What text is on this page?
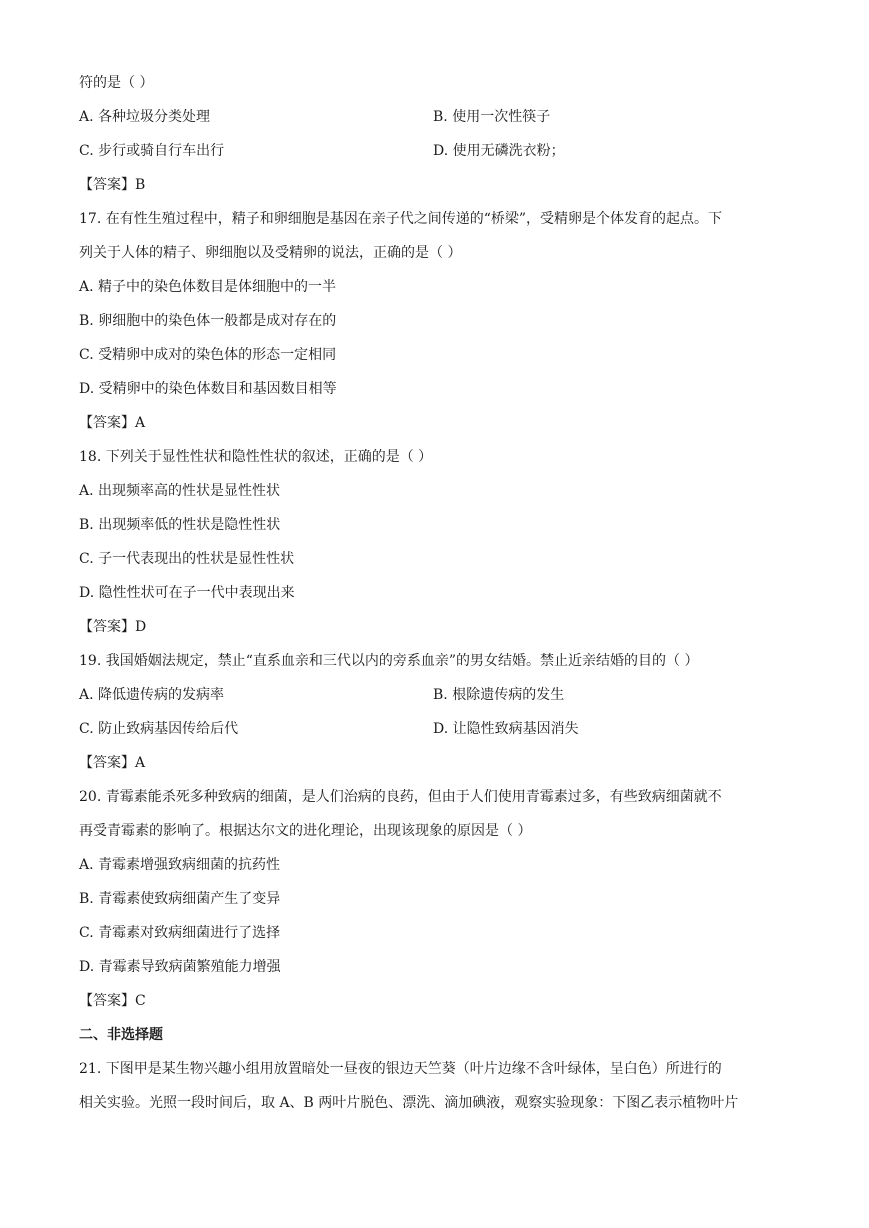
符的是（ ）
A. 各种垃圾分类处理	B. 使用一次性筷子
C. 步行或骑自行车出行	D. 使用无磷洗衣粉；
【答案】B
17. 在有性生殖过程中，精子和卵细胞是基因在亲子代之间传递的“桥梁”，受精卵是个体发育的起点。下
列关于人体的精子、卵细胞以及受精卵的说法，正确的是（ ）
A. 精子中的染色体数目是体细胞中的一半
B. 卵细胞中的染色体一般都是成对存在的
C. 受精卵中成对的染色体的形态一定相同
D. 受精卵中的染色体数目和基因数目相等
【答案】A
18. 下列关于显性性状和隐性性状的叙述，正确的是（ ）
A. 出现频率高的性状是显性性状
B. 出现频率低的性状是隐性性状
C. 子一代表现出的性状是显性性状
D. 隐性性状可在子一代中表现出来
【答案】D
19. 我国婚姻法规定，禁止“直系血亲和三代以内的旁系血亲”的男女结婚。禁止近亲结婚的目的（ ）
A. 降低遗传病的发病率	B. 根除遗传病的发生
C. 防止致病基因传给后代	D. 让隐性致病基因消失
【答案】A
20. 青霉素能杀死多种致病的细菌，是人们治病的良药，但由于人们使用青霉素过多，有些致病细菌就不
再受青霉素的影响了。根据达尔文的进化理论，出现该现象的原因是（ ）
A. 青霉素增强致病细菌的抗药性
B. 青霉素使致病细菌产生了变异
C. 青霉素对致病细菌进行了选择
D. 青霉素导致病菌繁殖能力增强
【答案】C
二、非选择题
21. 下图甲是某生物兴趣小组用放置暗处一昼夜的银边天竺葵（叶片边缘不含叶绿体，呈白色）所进行的
相关实验。光照一段时间后，取 A、B 两叶片脱色、漂洗、滴加碘液，观察实验现象：下图乙表示植物叶片
